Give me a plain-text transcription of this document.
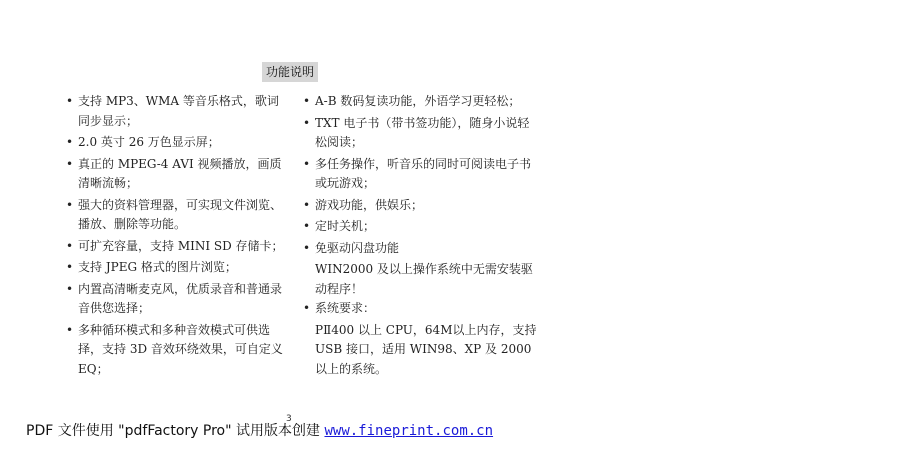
功能说明
• 支持 MP3、WMA 等音乐格式，歌词同步显示；
• 2.0 英寸 26 万色显示屏；
• 真正的 MPEG-4 AVI 视频播放，画质清晰流畅；
• 强大的资料管理器，可实现文件浏览、播放、删除等功能。
• 可扩充容量，支持 MINI SD 存储卡；
• 支持 JPEG 格式的图片浏览；
• 内置高清晰麦克风，优质录音和普通录音供您选择；
• 多种循环模式和多种音效模式可供选择，支持 3D 音效环绕效果，可自定义 EQ；
• A-B 数码复读功能，外语学习更轻松；
• TXT 电子书（带书签功能），随身小说轻松阅读；
• 多任务操作，听音乐的同时可阅读电子书或玩游戏；
• 游戏功能，供娱乐；
• 定时关机；
• 免驱动闪盘功能
WIN2000 及以上操作系统中无需安装驱动程序！
• 系统要求：
PⅡ400 以上 CPU，64M以上内存，支持 USB 接口，适用 WIN98、XP 及 2000 以上的系统。
3
PDF 文件使用 "pdfFactory Pro" 试用版本创建 www.fineprint.com.cn
